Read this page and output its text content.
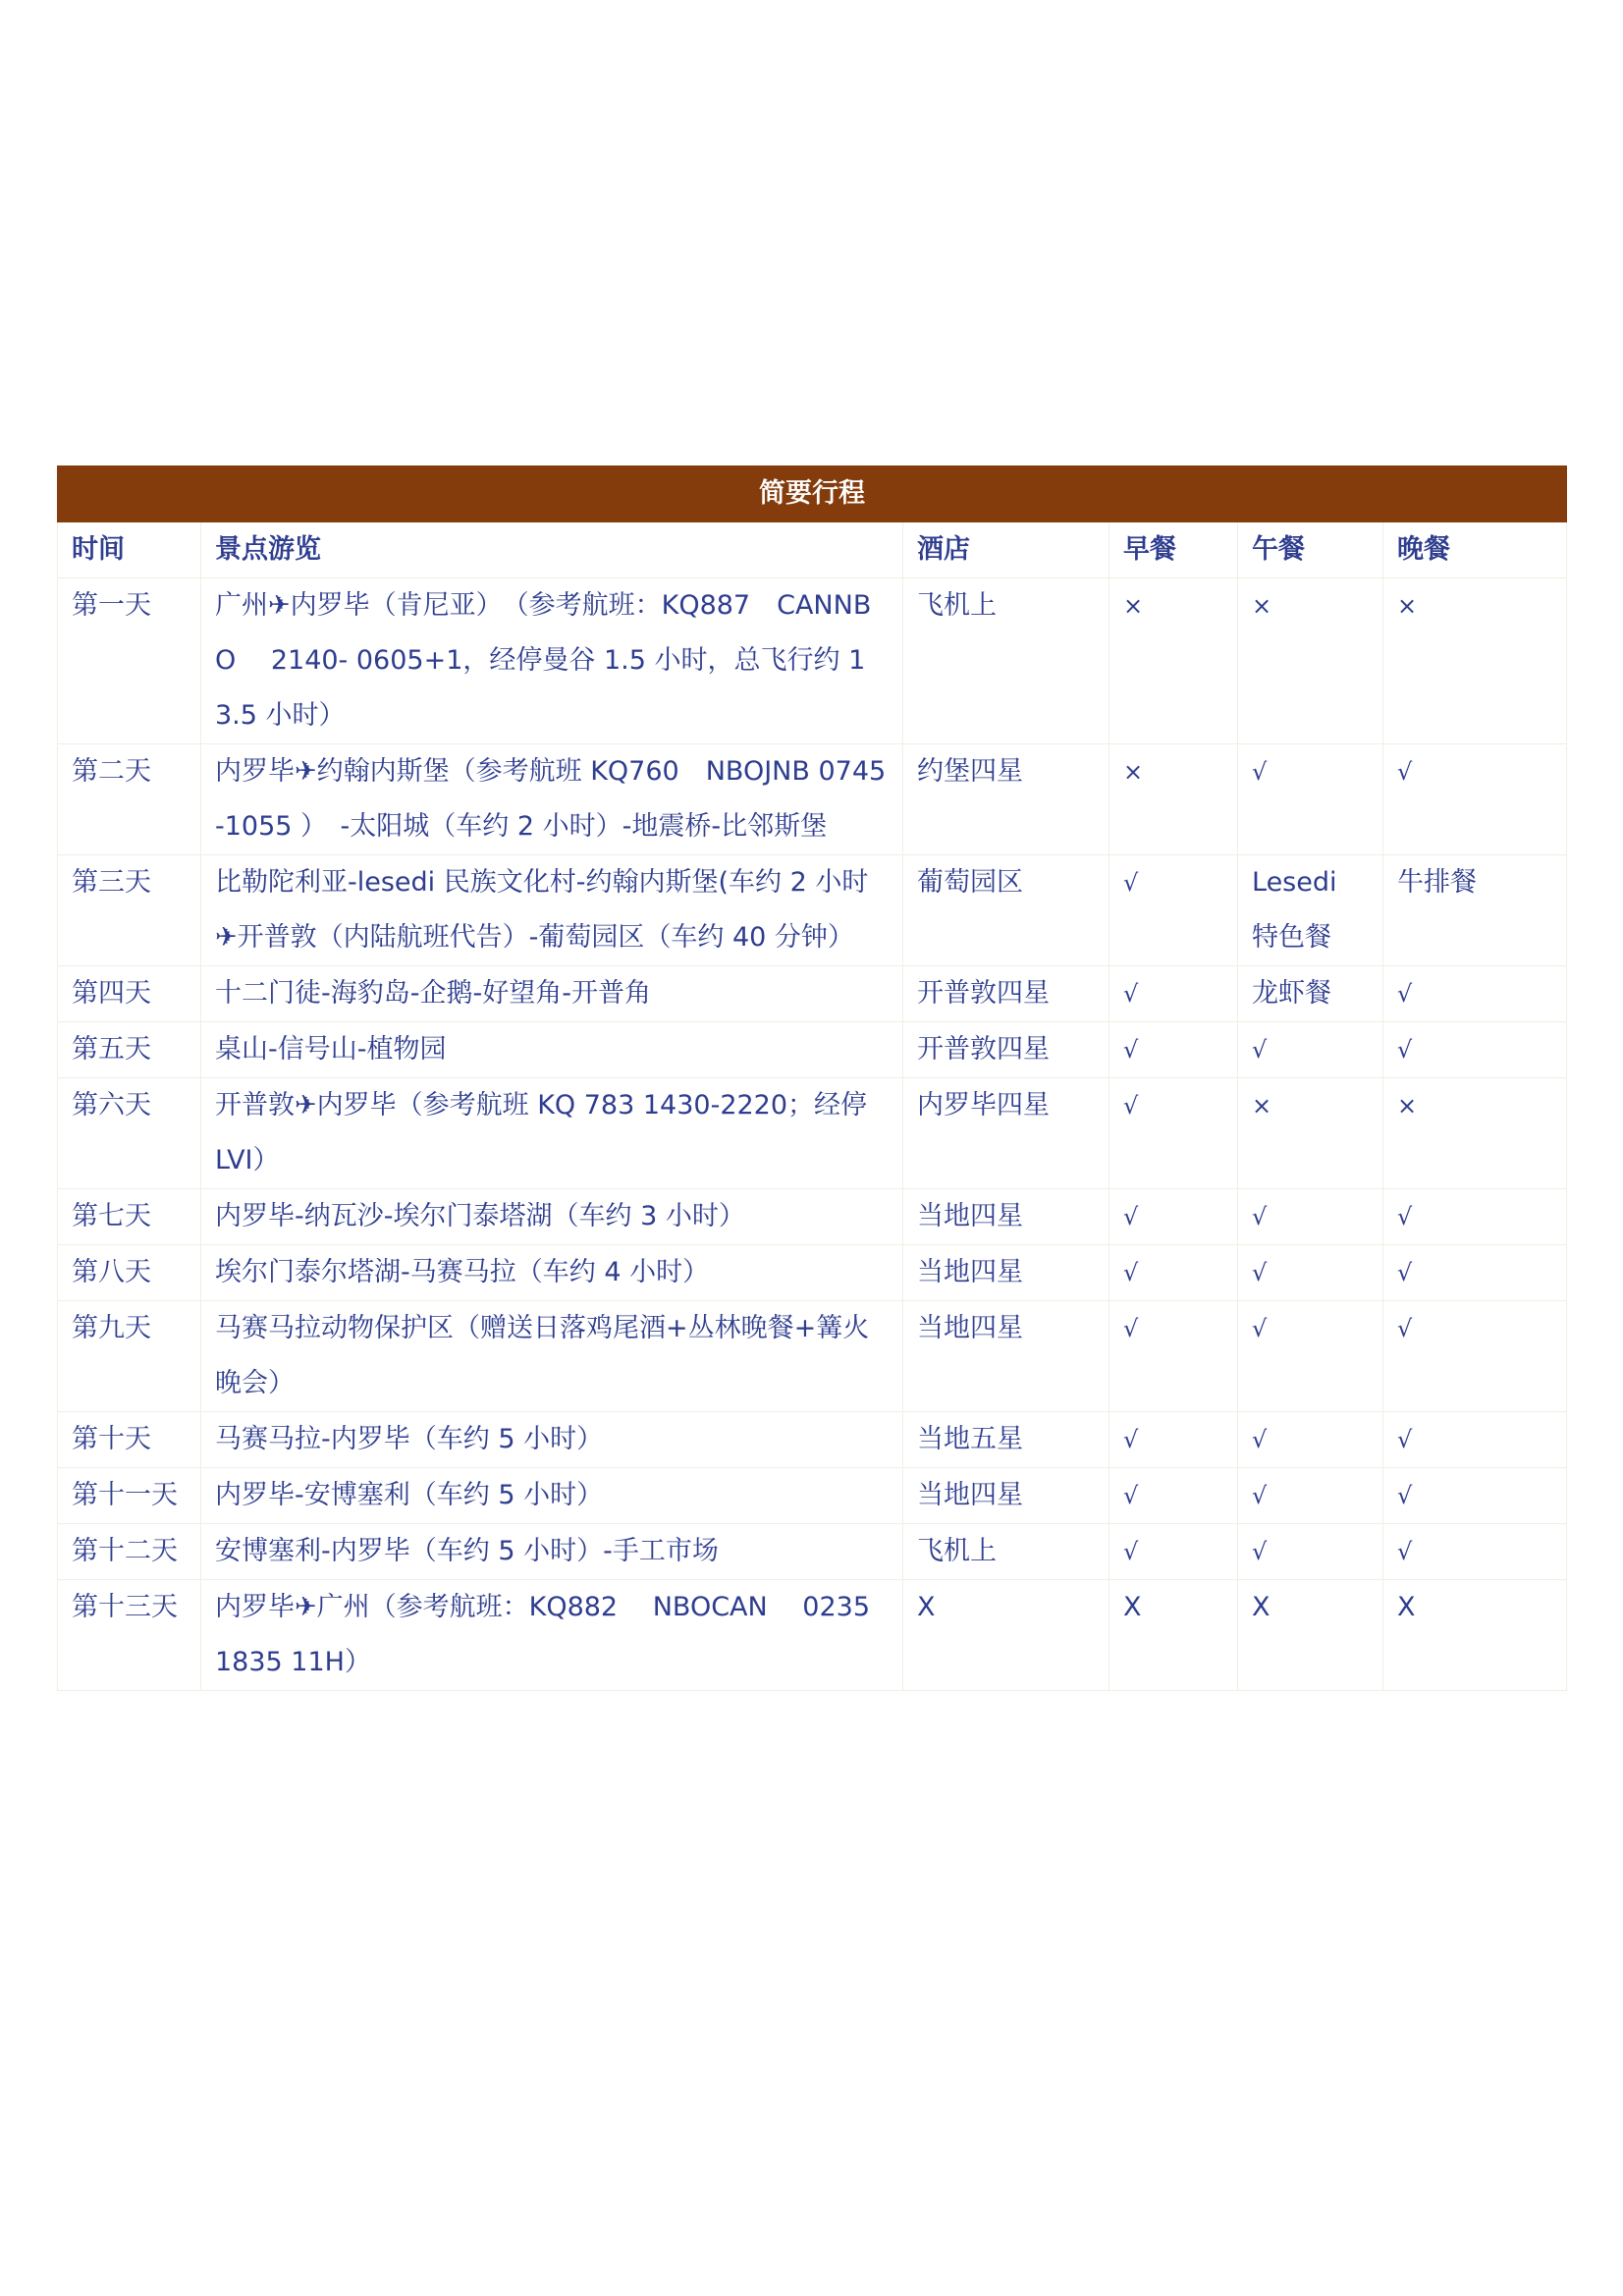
简要行程					
时间	景点游览	酒店	早餐	午餐	晚餐
第一天	广州✈内罗毕（肯尼亚）　（参考航班：KQ887　CANNBO　 2140- 0605+1，经停曼谷 1.5 小时，总飞行约 13.5 小时）	飞机上	×	×	×
第二天	内罗毕✈约翰内斯堡（参考航班 KQ760　NBOJNB 0745-1055 ）　-太阳城（车约 2 小时）-地震桥-比邻斯堡	约堡四星	×	√	√
第三天	比勒陀利亚-lesedi 民族文化村-约翰内斯堡(车约 2 小时✈开普敦（内陆航班代告）-葡萄园区（车约 40 分钟）	葡萄园区	√	Lesedi 特色餐	牛排餐
第四天	十二门徒-海豹岛-企鹅-好望角-开普角	开普敦四星	√	龙虾餐	√
第五天	桌山-信号山-植物园	开普敦四星	√	√	√
第六天	开普敦✈内罗毕（参考航班 KQ 783 1430-2220；经停 LVI）	内罗毕四星	√	×	×
第七天	内罗毕-纳瓦沙-埃尔门泰塔湖（车约 3 小时）	当地四星	√	√	√
第八天	埃尔门泰尔塔湖-马赛马拉（车约 4 小时）	当地四星	√	√	√
第九天	马赛马拉动物保护区（赠送日落鸡尾酒+丛林晚餐+篝火晚会）	当地四星	√	√	√
第十天	马赛马拉-内罗毕（车约 5 小时）	当地五星	√	√	√
第十一天	内罗毕-安博塞利（车约 5 小时）	当地四星	√	√	√
第十二天	安博塞利-内罗毕（车约 5 小时）-手工市场	飞机上	√	√	√
第十三天	内罗毕✈广州（参考航班：KQ882　 NBOCAN　 0235 1835 11H）	X	X	X	X
